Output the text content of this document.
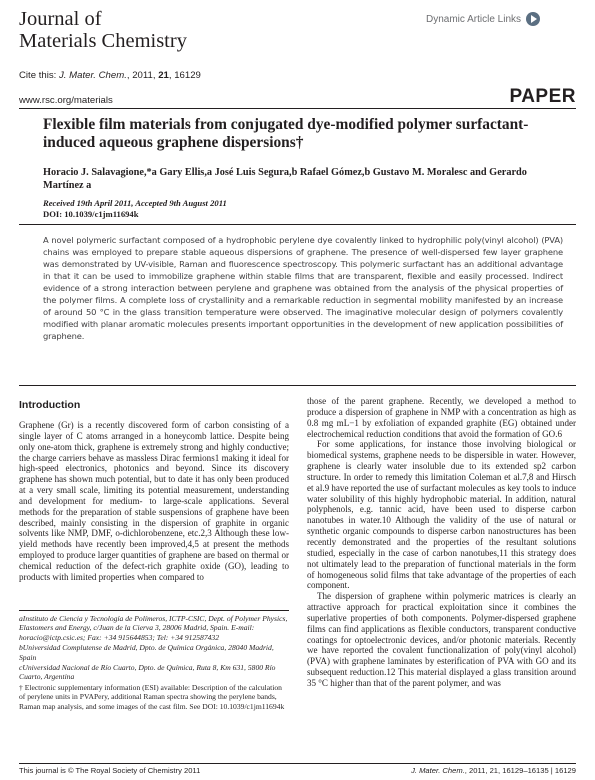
Journal of
Materials Chemistry
Dynamic Article Links
Cite this: J. Mater. Chem., 2011, 21, 16129
www.rsc.org/materials	PAPER
Flexible film materials from conjugated dye-modified polymer surfactant-induced aqueous graphene dispersions†
Horacio J. Salavagione,*a Gary Ellis,a José Luis Segura,b Rafael Gómez,b Gustavo M. Moralesc and Gerardo Martínez a
Received 19th April 2011, Accepted 9th August 2011
DOI: 10.1039/c1jm11694k
A novel polymeric surfactant composed of a hydrophobic perylene dye covalently linked to hydrophilic poly(vinyl alcohol) (PVA) chains was employed to prepare stable aqueous dispersions of graphene. The presence of well-dispersed few layer graphene was demonstrated by UV-visible, Raman and fluorescence spectroscopy. This polymeric surfactant has an additional advantage in that it can be used to immobilize graphene within stable films that are transparent, flexible and easily processed. Indirect evidence of a strong interaction between perylene and graphene was obtained from the analysis of the physical properties of the polymer films. A complete loss of crystallinity and a remarkable reduction in segmental mobility manifested by an increase of around 50 °C in the glass transition temperature were observed. The imaginative molecular design of polymers covalently modified with planar aromatic molecules presents important opportunities in the development of new application possibilities of graphene.
Introduction

Graphene (Gr) is a recently discovered form of carbon consisting of a single layer of C atoms arranged in a honeycomb lattice. Despite being only one-atom thick, graphene is extremely strong and highly conductive; the charge carriers behave as massless Dirac fermions1 making it ideal for high-speed electronics, photonics and beyond. Since its discovery graphene has shown much potential, but to date it has only been produced at a very small scale, limiting its potential measurement, understanding and development for medium- to large-scale applications. Several methods for the preparation of stable suspensions of graphene have been described, mainly consisting in the dispersion of graphite in organic solvents like NMP, DMF, o-dichlorobenzene, etc.2,3 Although these low-yield methods have recently been improved,4,5 at present the methods employed to produce larger quantities of graphene are based on thermal or chemical reduction of the defect-rich graphite oxide (GO), leading to products with limited properties when compared to

those of the parent graphene. Recently, we developed a method to produce a dispersion of graphene in NMP with a concentration as high as 0.8 mg mL−1 by exfoliation of expanded graphite (EG) obtained under electrochemical reduction conditions that avoid the formation of GO.6

For some applications, for instance those involving biological or biomedical systems, graphene needs to be dispersible in water. However, graphene is clearly water insoluble due to its extended sp2 carbon structure. In order to remedy this limitation Coleman et al.7,8 and Hirsch et al.9 have reported the use of surfactant molecules as key tools to induce water solubility of this highly hydrophobic material. In addition, natural polyphenols, e.g. tannic acid, have been used to disperse carbon nanotubes in water.10 Although the validity of the use of natural or synthetic organic compounds to disperse carbon nanostructures has been recently demonstrated and the properties of the resultant solutions studied, especially in the case of carbon nanotubes,11 this strategy does not ultimately lead to the preparation of functional materials in the form of homogeneous solid films that take advantage of the properties of each component.

The dispersion of graphene within polymeric matrices is clearly an attractive approach for practical exploitation since it combines the superlative properties of both components. Polymer-dispersed graphene films can find applications as flexible conductors, transparent conductive coatings for optoelectronic devices, and/or photonic materials. Recently we have reported the covalent functionalization of poly(vinyl alcohol) (PVA) with graphene laminates by esterification of PVA with GO and its subsequent reduction.12 This material displayed a glass transition around 35 °C higher than that of the parent polymer, and was

aInstituto de Ciencia y Tecnología de Polímeros, ICTP-CSIC, Dept. of Polymer Physics, Elastomers and Energy, c/Juan de la Cierva 3, 28006 Madrid, Spain. E-mail: horacio@ictp.csic.es; Fax: +34 915644853; Tel: +34 912587432

bUniversidad Complutense de Madrid, Dpto. de Química Orgánica, 28040 Madrid, Spain

cUniversidad Nacional de Río Cuarto, Dpto. de Química, Ruta 8, Km 631, 5800 Río Cuarto, Argentina

† Electronic supplementary information (ESI) available: Description of the calculation of perylene units in PVAPery, additional Raman spectra showing the perylene bands, Raman map analysis, and some images of the cast film. See DOI: 10.1039/c1jm11694k

This journal is © The Royal Society of Chemistry 2011	J. Mater. Chem., 2011, 21, 16129–16135 | 16129
